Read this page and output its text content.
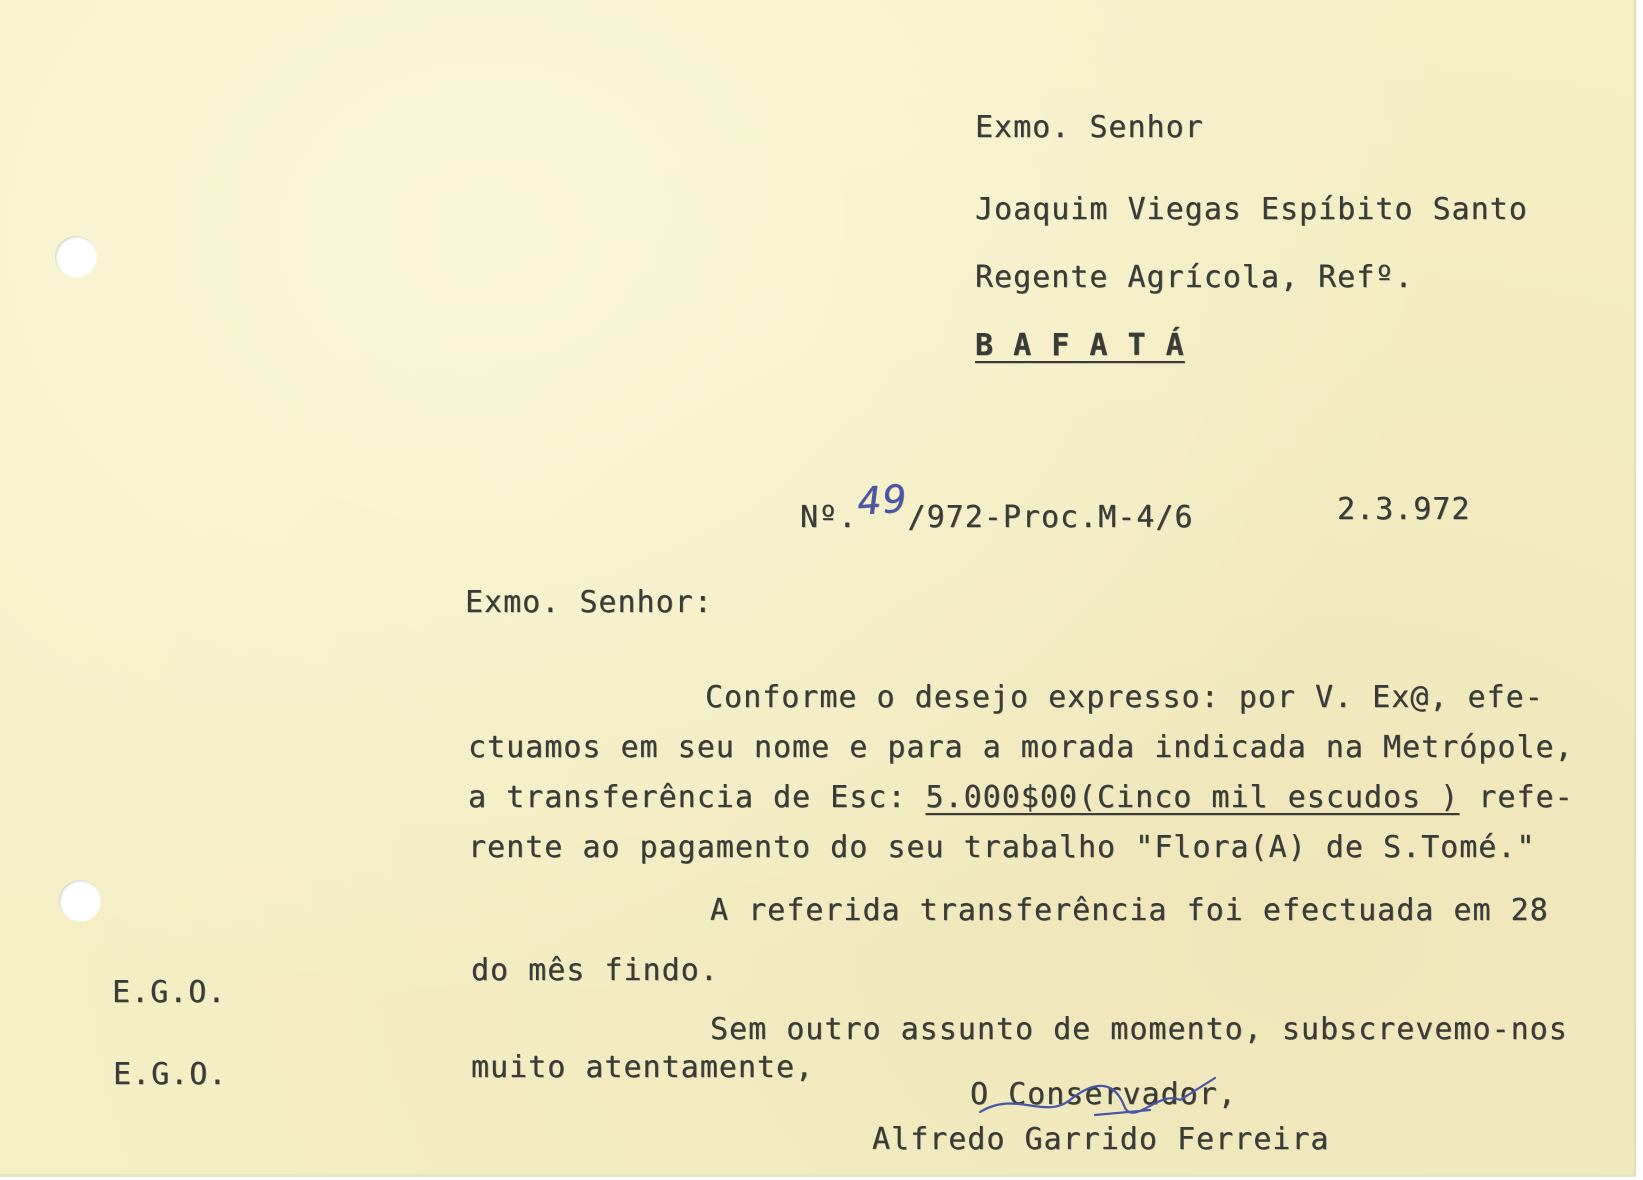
Exmo. Senhor
Joaquim Viegas Espíbito Santo
Regente Agrícola, Refº.
B A F A T Á
Nº.49/972-Proc.M-4/6	2.3.972
Exmo. Senhor:
Conforme o desejo expresso: por V. Ex@, efe-
ctuamos em seu nome e para a morada indicada na Metrópole,
a transferência de Esc: 5.000$00(Cinco mil escudos ) refe-
rente ao pagamento do seu trabalho "Flora(A) de S.Tomé."
A referida transferência foi efectuada em 28
do mês findo.
Sem outro assunto de momento, subscrevemo-nos
muito atentamente,
E.G.O.
E.G.O.
O Conservador,
Alfredo Garrido Ferreira
